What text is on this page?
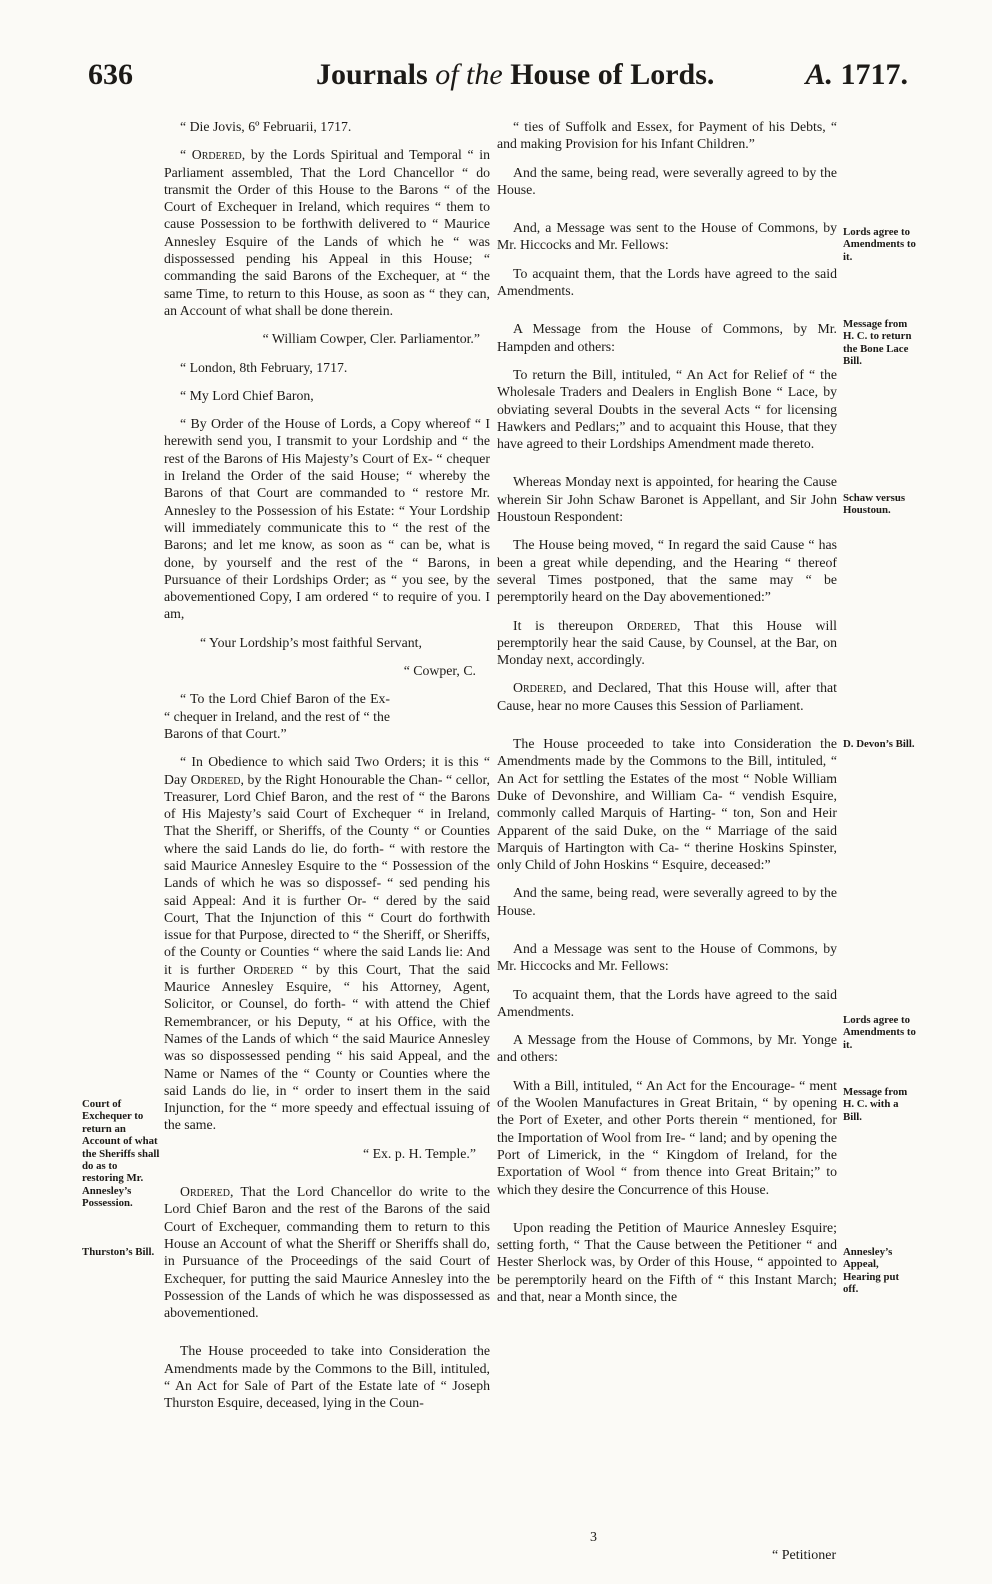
636	Journals of the House of Lords.	A. 1717.

“ Die Jovis, 6º Februarii, 1717.

“ Ordered, by the Lords Spiritual and Temporal “ in Parliament assembled, That the Lord Chancellor “ do transmit the Order of this House to the Barons “ of the Court of Exchequer in Ireland, which requires “ them to cause Possession to be forthwith delivered to “ Maurice Annesley Esquire of the Lands of which he “ was dispossessed pending his Appeal in this House; “ commanding the said Barons of the Exchequer, at “ the same Time, to return to this House, as soon as “ they can, an Account of what shall be done therein.

“ William Cowper, Cler. Parliamentor.”

“ London, 8th February, 1717.

“ My Lord Chief Baron,

“ By Order of the House of Lords, a Copy whereof “ I herewith send you, I transmit to your Lordship and “ the rest of the Barons of His Majesty’s Court of Ex- “ chequer in Ireland the Order of the said House; “ whereby the Barons of that Court are commanded to “ restore Mr. Annesley to the Possession of his Estate: “ Your Lordship will immediately communicate this to “ the rest of the Barons; and let me know, as soon as “ can be, what is done, by yourself and the rest of the “ Barons, in Pursuance of their Lordships Order; as “ you see, by the abovementioned Copy, I am ordered “ to require of you. I am,

“ Your Lordship’s most faithful Servant,

“ Cowper, C.

“ To the Lord Chief Baron of the Ex- “ chequer in Ireland, and the rest of “ the Barons of that Court.”

“ In Obedience to which said Two Orders; it is this “ Day Ordered, by the Right Honourable the Chan- “ cellor, Treasurer, Lord Chief Baron, and the rest of “ the Barons of His Majesty’s said Court of Exchequer “ in Ireland, That the Sheriff, or Sheriffs, of the County “ or Counties where the said Lands do lie, do forth- “ with restore the said Maurice Annesley Esquire to the “ Possession of the Lands of which he was so dispossef- “ sed pending his said Appeal: And it is further Or- “ dered by the said Court, That the Injunction of this “ Court do forthwith issue for that Purpose, directed to “ the Sheriff, or Sheriffs, of the County or Counties “ where the said Lands lie: And it is further Ordered “ by this Court, That the said Maurice Annesley Esquire, “ his Attorney, Agent, Solicitor, or Counsel, do forth- “ with attend the Chief Remembrancer, or his Deputy, “ at his Office, with the Names of the Lands of which “ the said Maurice Annesley was so dispossessed pending “ his said Appeal, and the Name or Names of the “ County or Counties where the said Lands do lie, in “ order to insert them in the said Injunction, for the “ more speedy and effectual issuing of the same.

“ Ex. p. H. Temple.”

Ordered, That the Lord Chancellor do write to the Lord Chief Baron and the rest of the Barons of the said Court of Exchequer, commanding them to return to this House an Account of what the Sheriff or Sheriffs shall do, in Pursuance of the Proceedings of the said Court of Exchequer, for putting the said Maurice Annesley into the Possession of the Lands of which he was dispossessed as abovementioned.

The House proceeded to take into Consideration the Amendments made by the Commons to the Bill, intituled, “ An Act for Sale of Part of the Estate late of “ Joseph Thurston Esquire, deceased, lying in the Coun-

“ ties of Suffolk and Essex, for Payment of his Debts, “ and making Provision for his Infant Children.”

And the same, being read, were severally agreed to by the House.

And, a Message was sent to the House of Commons, by Mr. Hiccocks and Mr. Fellows:

To acquaint them, that the Lords have agreed to the said Amendments.

A Message from the House of Commons, by Mr. Hampden and others:

To return the Bill, intituled, “ An Act for Relief of “ the Wholesale Traders and Dealers in English Bone “ Lace, by obviating several Doubts in the several Acts “ for licensing Hawkers and Pedlars;” and to acquaint this House, that they have agreed to their Lordships Amendment made thereto.

Whereas Monday next is appointed, for hearing the Cause wherein Sir John Schaw Baronet is Appellant, and Sir John Houstoun Respondent:

The House being moved, “ In regard the said Cause “ has been a great while depending, and the Hearing “ thereof several Times postponed, that the same may “ be peremptorily heard on the Day abovementioned:”

It is thereupon Ordered, That this House will peremptorily hear the said Cause, by Counsel, at the Bar, on Monday next, accordingly.

Ordered, and Declared, That this House will, after that Cause, hear no more Causes this Session of Parliament.

The House proceeded to take into Consideration the Amendments made by the Commons to the Bill, intituled, “ An Act for settling the Estates of the most “ Noble William Duke of Devonshire, and William Ca- “ vendish Esquire, commonly called Marquis of Harting- “ ton, Son and Heir Apparent of the said Duke, on the “ Marriage of the said Marquis of Hartington with Ca- “ therine Hoskins Spinster, only Child of John Hoskins “ Esquire, deceased:”

And the same, being read, were severally agreed to by the House.

And a Message was sent to the House of Commons, by Mr. Hiccocks and Mr. Fellows:

To acquaint them, that the Lords have agreed to the said Amendments.

A Message from the House of Commons, by Mr. Yonge and others:

With a Bill, intituled, “ An Act for the Encourage- “ ment of the Woolen Manufactures in Great Britain, “ by opening the Port of Exeter, and other Ports therein “ mentioned, for the Importation of Wool from Ire- “ land; and by opening the Port of Limerick, in the “ Kingdom of Ireland, for the Exportation of Wool “ from thence into Great Britain;” to which they desire the Concurrence of this House.

Upon reading the Petition of Maurice Annesley Esquire; setting forth, “ That the Cause between the Petitioner “ and Hester Sherlock was, by Order of this House, “ appointed to be peremptorily heard on the Fifth of “ this Instant March; and that, near a Month since, the

Court of Exchequer to return an Account of what the Sheriffs shall do as to restoring Mr. Annesley’s Possession.
Thurston’s Bill.
Lords agree to Amendments to it.
Message from H. C. to return the Bone Lace Bill.
Schaw versus Houstoun.
D. Devon’s Bill.
Lords agree to Amendments to it.
Message from H. C. with a Bill.
Annesley’s Appeal, Hearing put off.
3
“ Petitioner
